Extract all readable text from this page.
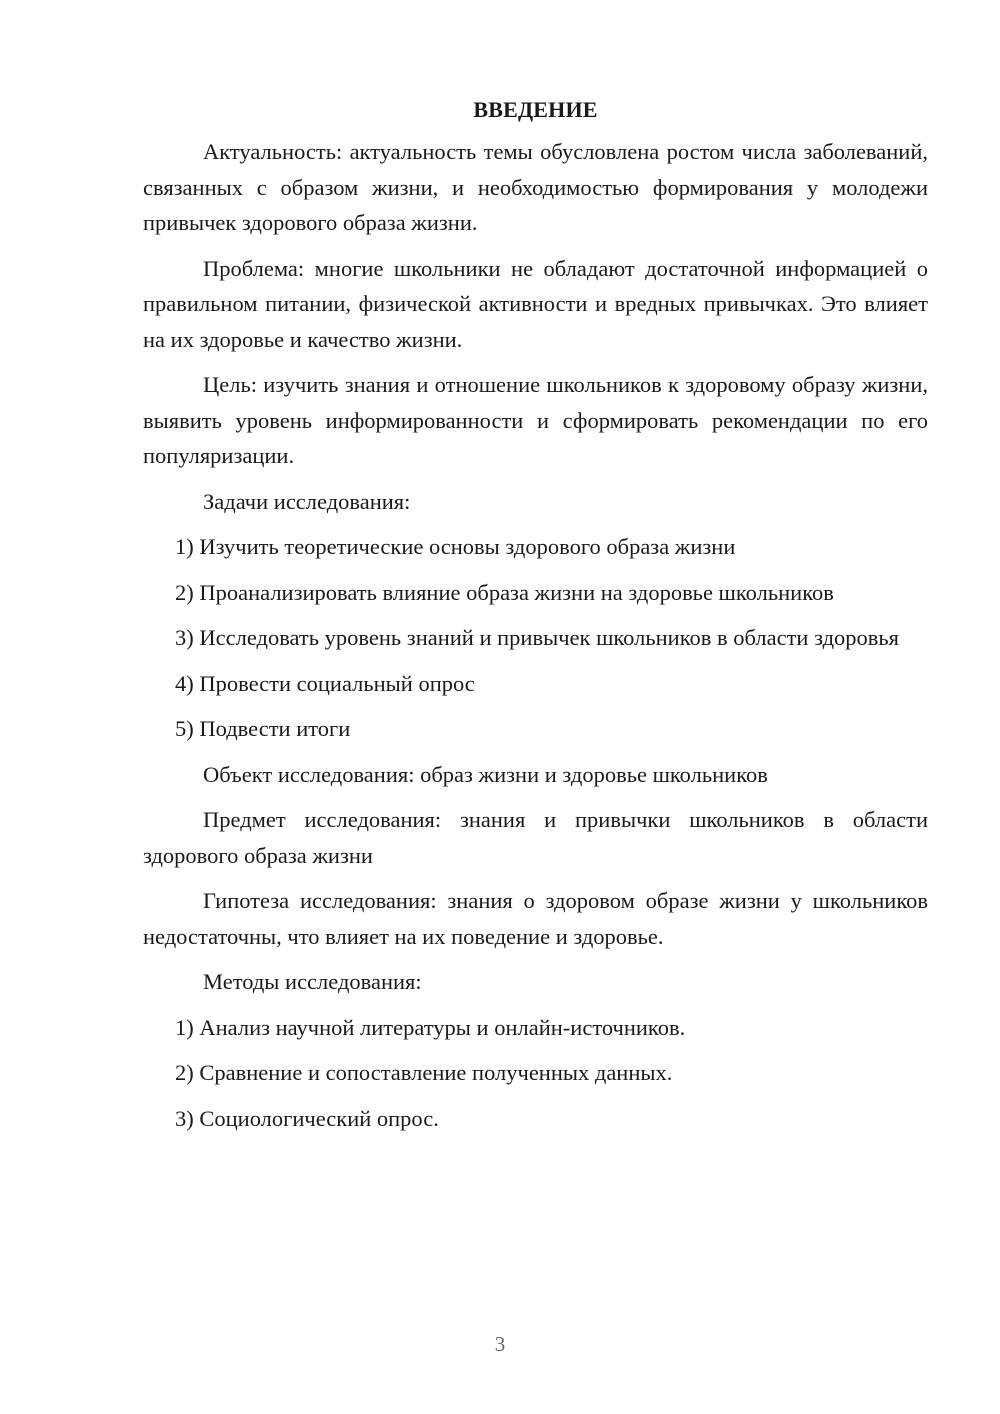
ВВЕДЕНИЕ

Актуальность: актуальность темы обусловлена ростом числа заболеваний, связанных с образом жизни, и необходимостью формирования у молодежи привычек здорового образа жизни.

Проблема: многие школьники не обладают достаточной информацией о правильном питании, физической активности и вредных привычках. Это влияет на их здоровье и качество жизни.

Цель: изучить знания и отношение школьников к здоровому образу жизни, выявить уровень информированности и сформировать рекомендации по его популяризации.

Задачи исследования:

1) Изучить теоретические основы здорового образа жизни

2) Проанализировать влияние образа жизни на здоровье школьников

3) Исследовать уровень знаний и привычек школьников в области здоровья

4) Провести социальный опрос

5) Подвести итоги

Объект исследования: образ жизни и здоровье школьников

Предмет исследования: знания и привычки школьников в области здорового образа жизни

Гипотеза исследования: знания о здоровом образе жизни у школьников недостаточны, что влияет на их поведение и здоровье.

Методы исследования:

1) Анализ научной литературы и онлайн-источников.

2) Сравнение и сопоставление полученных данных.

3) Социологический опрос.

3
